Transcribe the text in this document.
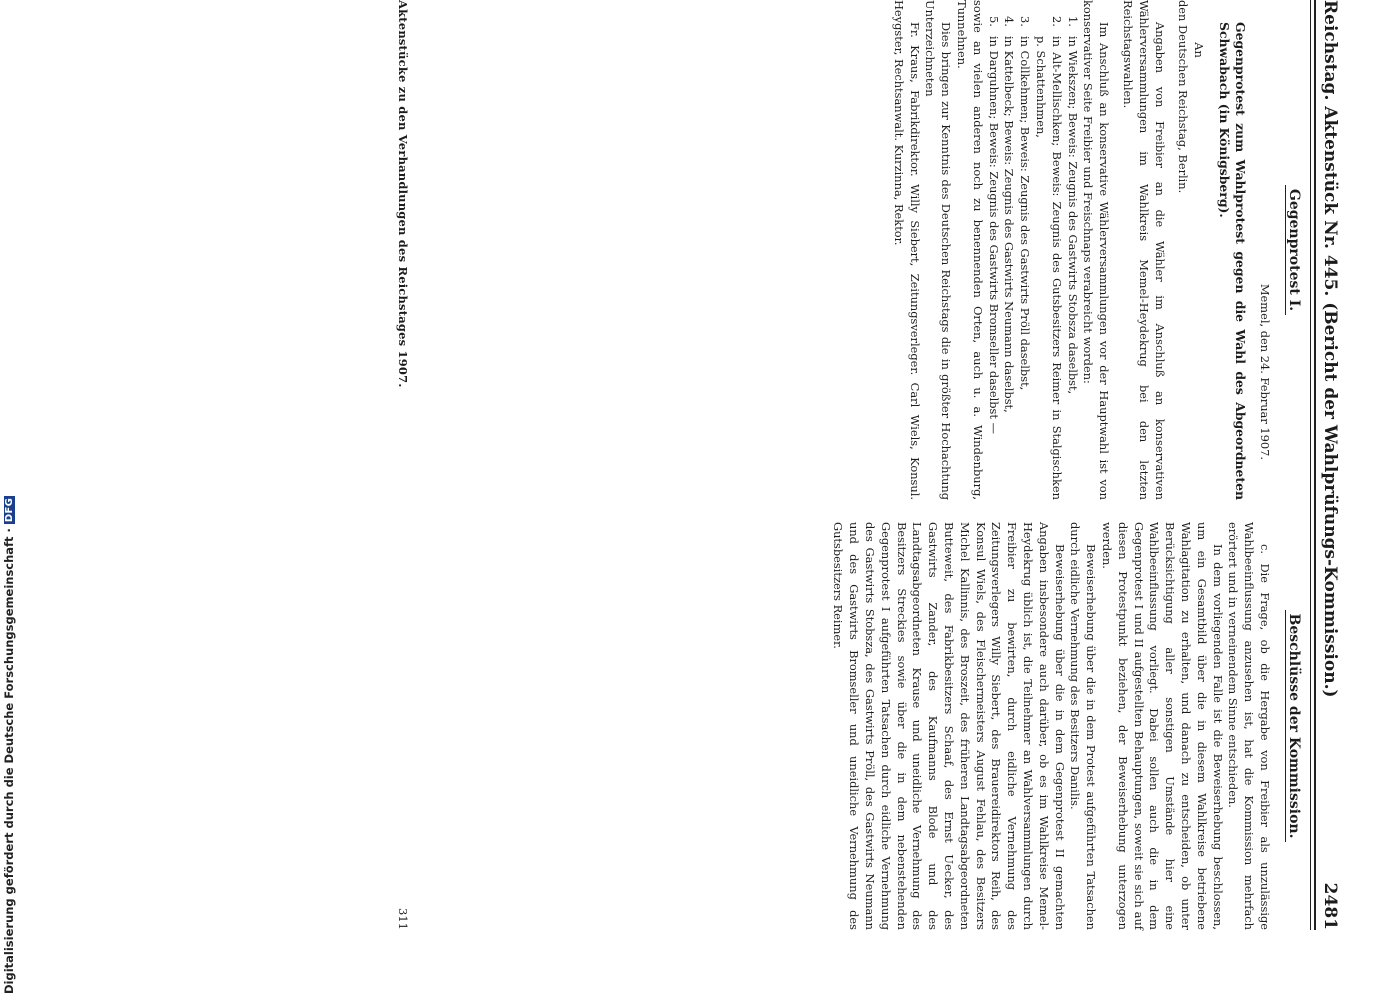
Reichstag. Aktenstück Nr. 445. (Bericht der Wahlprüfungs-Kommission.)
2481
Gegenprotest I.

Memel, den 24. Februar 1907.

Gegenprotest zum Wahlprotest gegen die Wahl des Abgeordneten Schwabach (in Königsberg).

An

den Deutschen Reichstag, Berlin.

Angaben von Freibier an die Wähler im Anschluß an konservativen Wählerversammlungen im Wahlkreis Memel-Heydekrug bei den letzten Reichstagswahlen.

Im Anschluß an konservative Wählerversammlungen vor der Hauptwahl ist von konservativer Seite Freibier und Freischnaps verabreicht worden:

1.
in Wiekszen; Beweis: Zeugnis des Gastwirts Stobsza daselbst,
2.
in Alt-Mellischken; Beweis: Zeugnis des Gutsbesitzers Reimer in Stalgischken p. Schattenhmen,
3.
in Collkehmen; Beweis: Zeugnis des Gastwirts Pröll daselbst,
4.
in Kattelbeck; Beweis: Zeugnis des Gastwirts Neumann daselbst,
5.
in Darguhnen; Beweis: Zeugnis des Gastwirts Bromseller daselbst —

sowie an vielen anderen noch zu benennenden Orten, auch u. a. Windenburg, Tunnehnen.

Dies bringen zur Kenntnis des Deutschen Reichstags die in größter Hochachtung Unterzeichneten

Fr. Kraus, Fabrikdirektor. Willy Siebert, Zeitungsverleger. Carl Wiels, Konsul. Heygster, Rechtsanwalt. Kurzinna, Rektor.

Beschlüsse der Kommission.

c. Die Frage, ob die Hergabe von Freibier als unzulässige Wahlbeeinflussung anzusehen ist, hat die Kommission mehrfach erörtert und in verneinendem Sinne entschieden.

In dem vorliegenden Falle ist die Beweiserhebung beschlossen, um ein Gesamtbild über die in diesem Wahlkreise betriebene Wahlagitation zu erhalten, und danach zu entscheiden, ob unter Berücksichtigung aller sonstigen Umstände hier eine Wahlbeeinflussung vorliegt. Dabei sollen auch die in dem Gegenprotest I und II aufgestellten Behauptungen, soweit sie sich auf diesen Protestpunkt beziehen, der Beweiserhebung unterzogen werden.

Beweiserhebung über die in dem Protest aufgeführten Tatsachen durch eidliche Vernehmung des Besitzers Danilis.

Beweiserhebung über die in dem Gegenprotest II gemachten Angaben insbesondere auch darüber, ob es im Wahlkreise Memel-Heydekrug üblich ist, die Teilnehmer an Wahlversammlungen durch Freibier zu bewirten, durch eidliche Vernehmung des Zeitungsverlegers Willy Siebert, des Brauereidirektors Reih, des Konsul Wiels, des Fleischermeisters August Fehlau, des Besitzers Michel Kallinnis, des Broszeit, des früheren Landtagsabgeordneten Butteweit, des Fabrikbesitzers Schaaf, des Ernst Uecker, des Gastwirts Zander, des Kaufmanns Blode und des Landtagsabgeordneten Krause und uneidliche Vernehmung des Besitzers Streckies sowie über die in dem nebenstehenden Gegenprotest I aufgeführten Tatsachen durch eidliche Vernehmung des Gastwirts Stobsza, des Gastwirts Pröll, des Gastwirts Neumann und des Gastwirts Bromseller und uneidliche Vernehmung des Gutsbesitzers Reimer.

Aktenstücke zu den Verhandlungen des Reichstages 1907.
311
Digitalisierung gefördert durch die Deutsche Forschungsgemeinschaft ·
DFG
